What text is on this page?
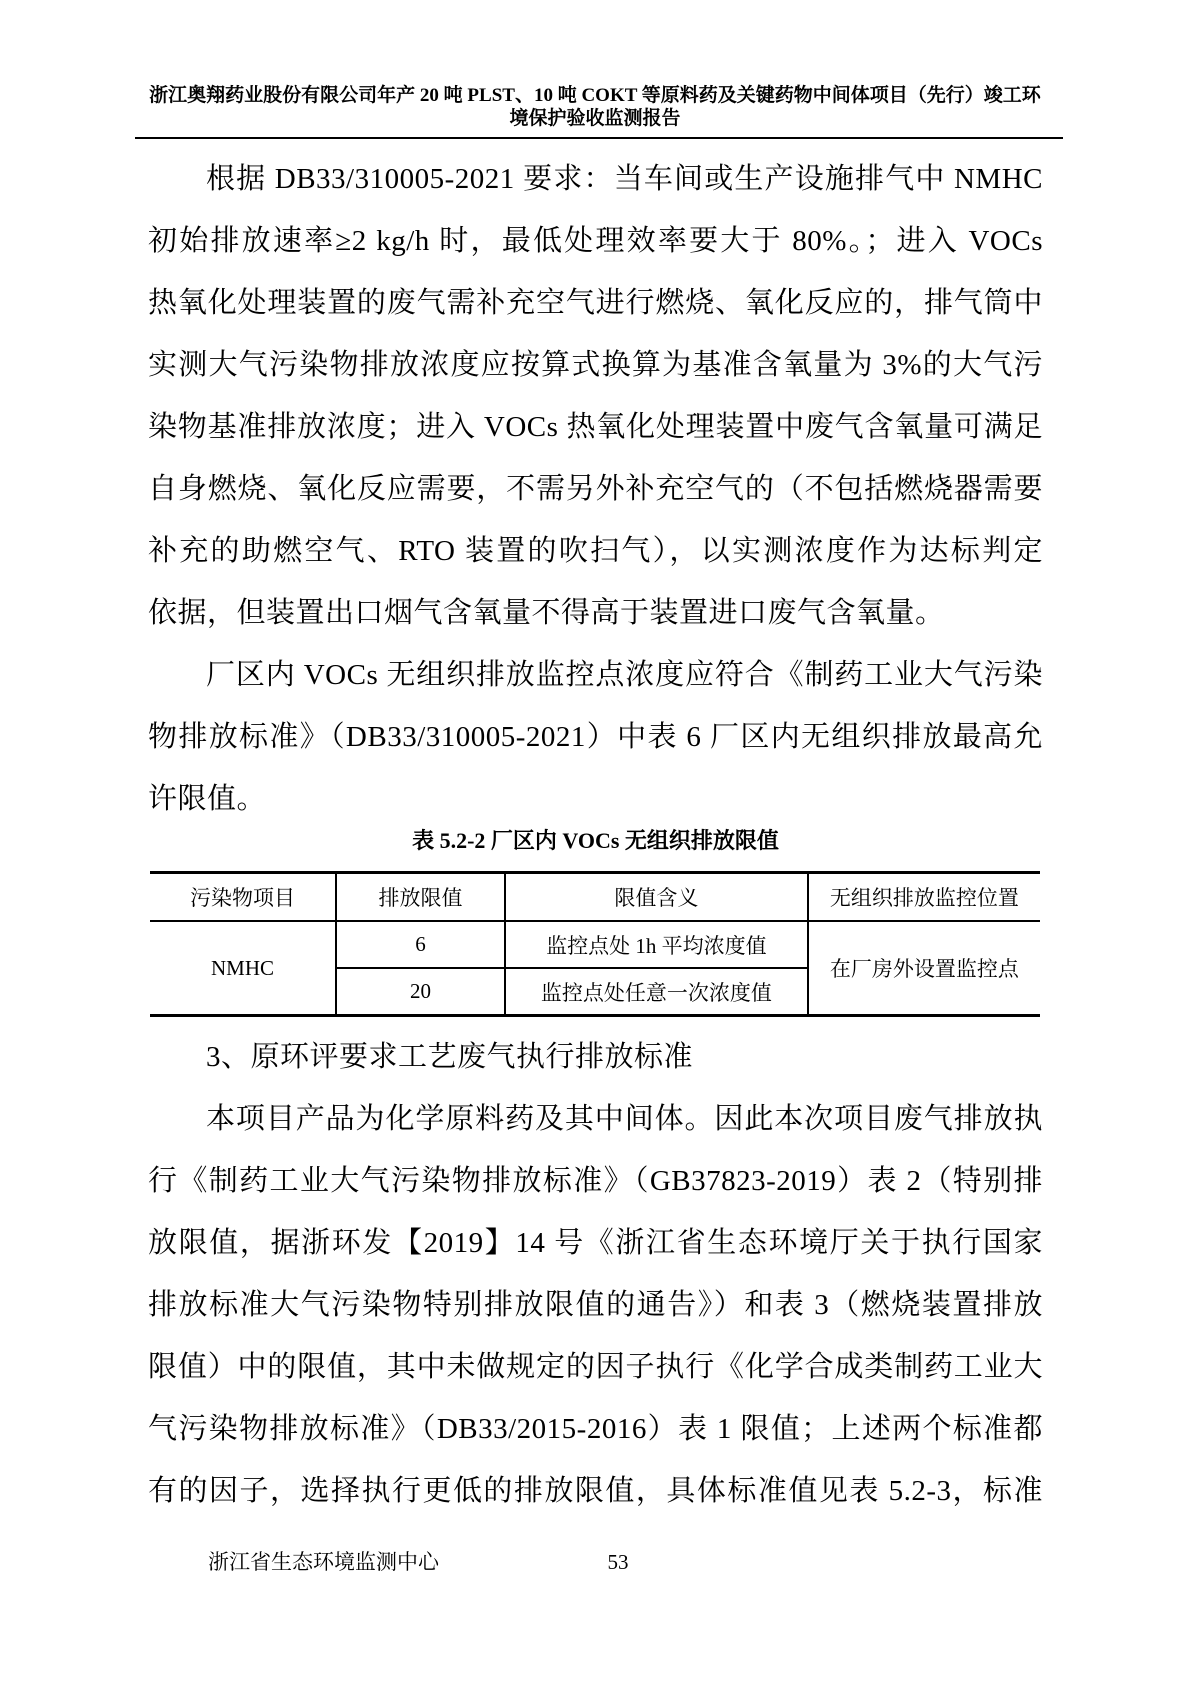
浙江奥翔药业股份有限公司年产 20 吨 PLST、10 吨 COKT 等原料药及关键药物中间体项目（先行）竣工环
境保护验收监测报告
根据 DB33/310005-2021 要求：当车间或生产设施排气中 NMHC
初始排放速率≥2 kg/h 时，最低处理效率要大于 80%。；进入 VOCs
热氧化处理装置的废气需补充空气进行燃烧、氧化反应的，排气筒中
实测大气污染物排放浓度应按算式换算为基准含氧量为 3%的大气污
染物基准排放浓度；进入 VOCs 热氧化处理装置中废气含氧量可满足
自身燃烧、氧化反应需要，不需另外补充空气的（不包括燃烧器需要
补充的助燃空气、RTO 装置的吹扫气），以实测浓度作为达标判定
依据，但装置出口烟气含氧量不得高于装置进口废气含氧量。
厂区内 VOCs 无组织排放监控点浓度应符合《制药工业大气污染
物排放标准》（DB33/310005-2021）中表 6 厂区内无组织排放最高允
许限值。
表 5.2-2 厂区内 VOCs 无组织排放限值
污染物项目	排放限值	限值含义	无组织排放监控位置
NMHC	6	监控点处 1h 平均浓度值	在厂房外设置监控点
	20	监控点处任意一次浓度值	
3、原环评要求工艺废气执行排放标准
本项目产品为化学原料药及其中间体。因此本次项目废气排放执
行《制药工业大气污染物排放标准》（GB37823-2019）表 2（特别排
放限值，据浙环发【2019】14 号《浙江省生态环境厅关于执行国家
排放标准大气污染物特别排放限值的通告》）和表 3（燃烧装置排放
限值）中的限值，其中未做规定的因子执行《化学合成类制药工业大
气污染物排放标准》（DB33/2015-2016）表 1 限值；上述两个标准都
有的因子，选择执行更低的排放限值，具体标准值见表 5.2-3，标准
浙江省生态环境监测中心	53
